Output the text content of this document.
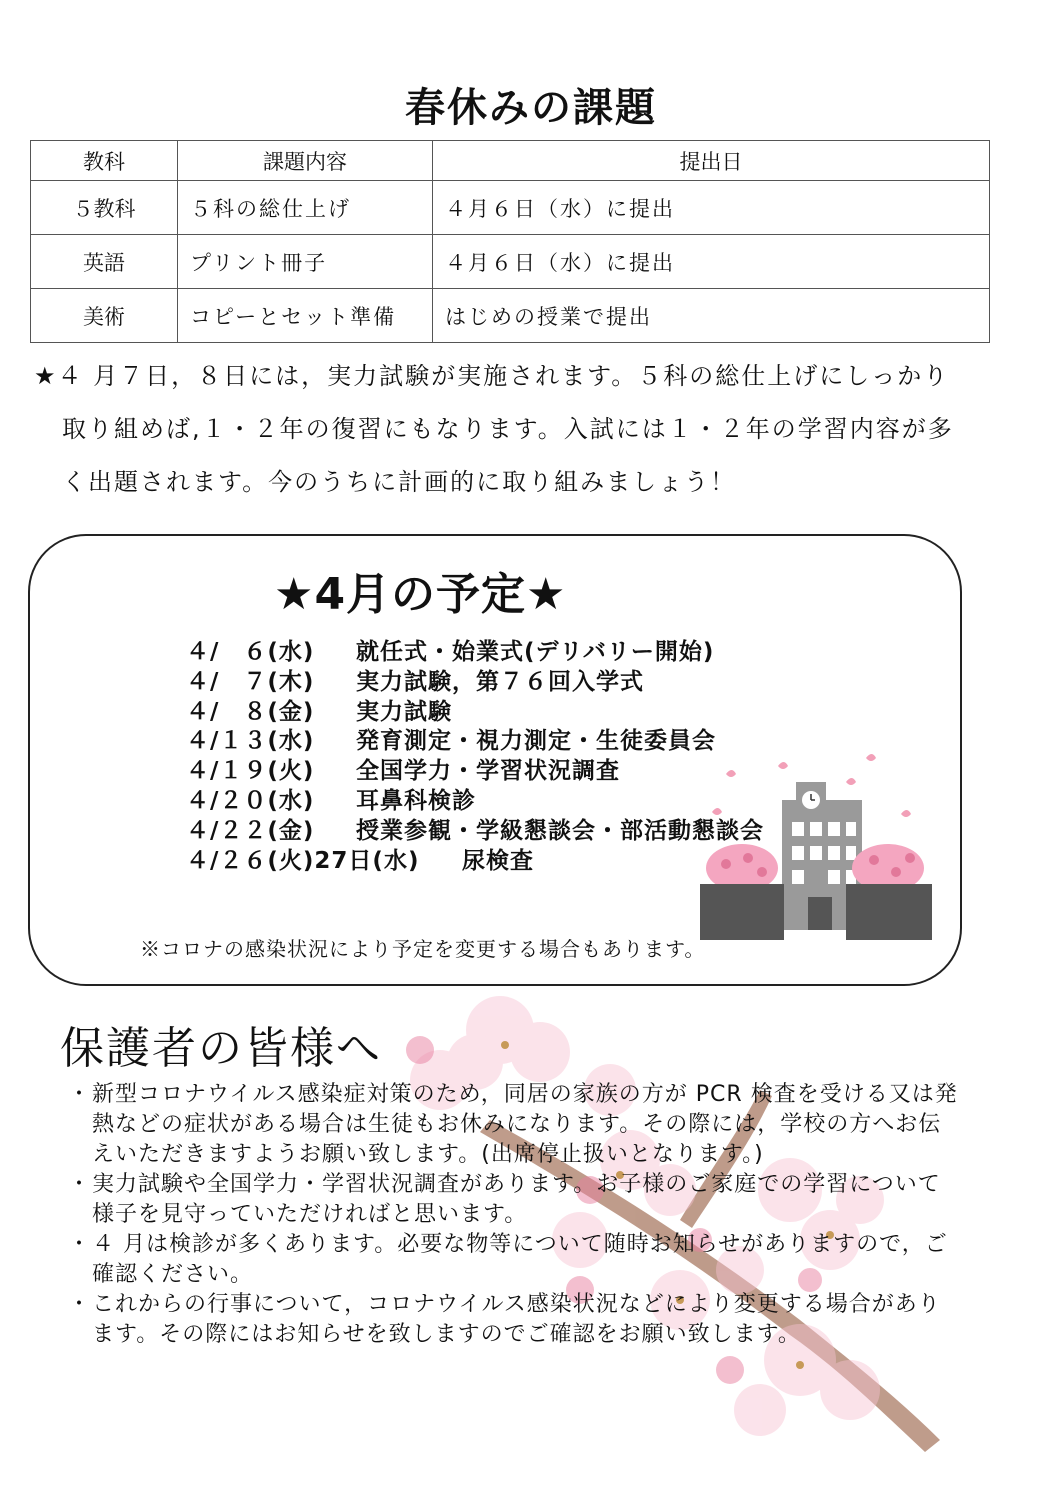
春休みの課題
教科	課題内容	提出日
５教科	５科の総仕上げ	４月６日（水）に提出
英語	プリント冊子	４月６日（水）に提出
美術	コピーとセット準備	はじめの授業で提出
★４ 月７日，８日には，実力試験が実施されます。５科の総仕上げにしっかり
取り組めば,１・２年の復習にもなります。入試には１・２年の学習内容が多
く出題されます。今のうちに計画的に取り組みましょう！
★4月の予定★
４/　６(水)	就任式・始業式(デリバリー開始)
４/　７(木)	実力試験，第７６回入学式
４/　８(金)	実力試験
４/１３(水)	発育測定・視力測定・生徒委員会
４/１９(火)	全国学力・学習状況調査
４/２０(水)	耳鼻科検診
４/２２(金)	授業参観・学級懇談会・部活動懇談会
４/２６(火)27日(水)	尿検査
※コロナの感染状況により予定を変更する場合もあります。
保護者の皆様へ
・ 新型コロナウイルス感染症対策のため，同居の家族の方が PCR 検査を受ける又は発熱などの症状がある場合は生徒もお休みになります。その際には，学校の方へお伝えいただきますようお願い致します。(出席停止扱いとなります。)
・ 実力試験や全国学力・学習状況調査があります。お子様のご家庭での学習について様子を見守っていただければと思います。
・ ４ 月は検診が多くあります。必要な物等について随時お知らせがありますので，ご確認ください。
・ これからの行事について，コロナウイルス感染状況などにより変更する場合があります。その際にはお知らせを致しますのでご確認をお願い致します。
